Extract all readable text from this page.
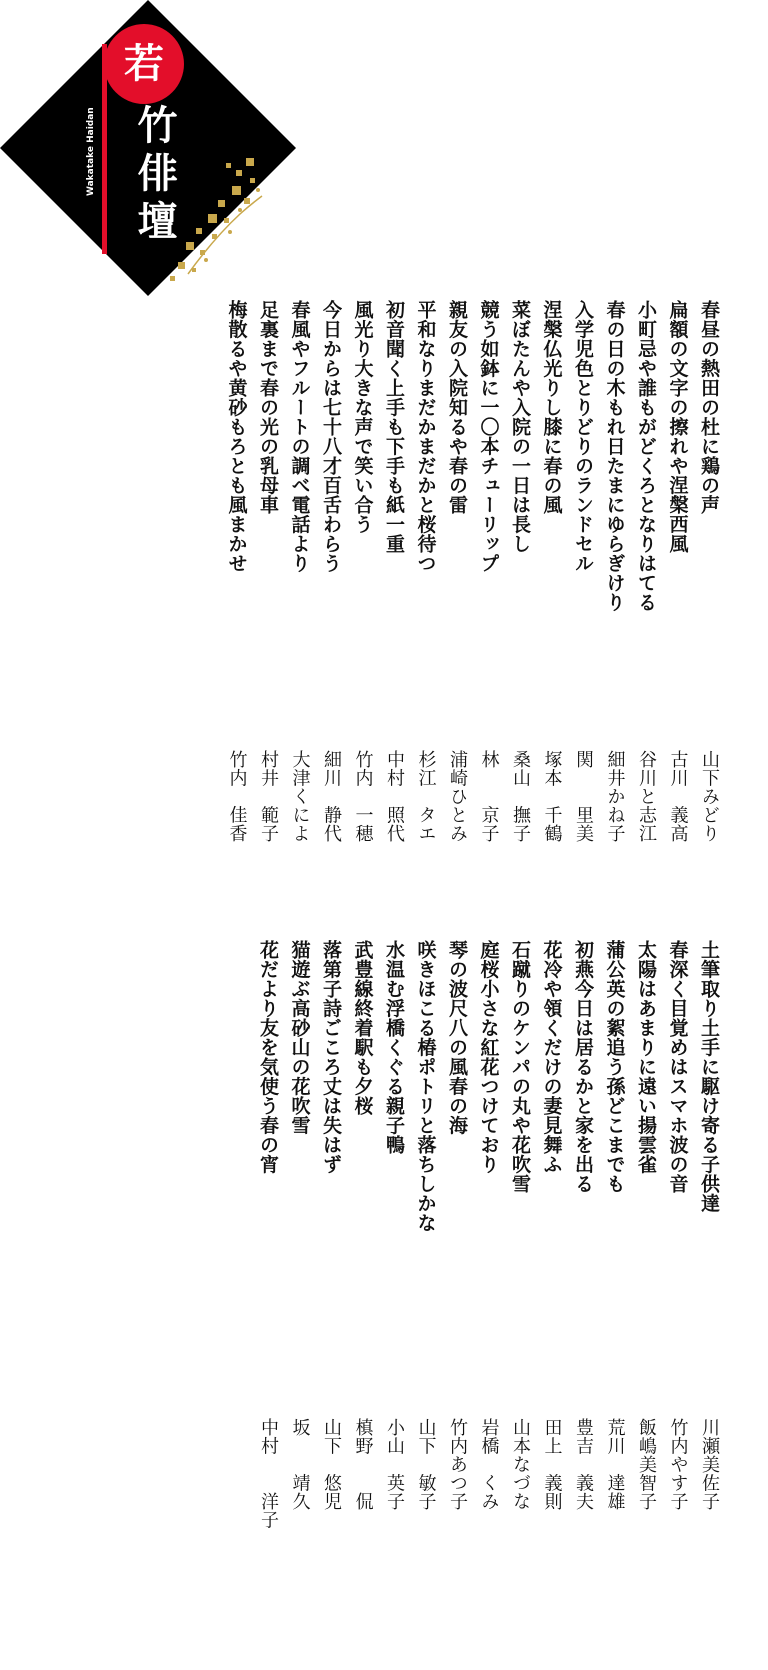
若
竹俳壇
Wakatake Haidan
春昼の熱田の杜に鶏の声
扁額の文字の擦れや涅槃西風
小町忌や誰もがどくろとなりはてる
春の日の木もれ日たまにゆらぎけり
入学児色とりどりのランドセル
涅槃仏光りし膝に春の風
菜ぼたんや入院の一日は長し
競う如鉢に一〇本チューリップ
親友の入院知るや春の雷
平和なりまだかまだかと桜待つ
初音聞く上手も下手も紙一重
風光り大きな声で笑い合う
今日からは七十八才百舌わらう
春風やフルートの調べ電話より
足裏まで春の光の乳母車
梅散るや黄砂もろとも風まかせ
山下みどり
古川　義高
谷川と志江
細井かね子
関　　里美
塚本　千鶴
桑山　撫子
林　　京子
浦崎ひとみ
杉江　タエ
中村　照代
竹内　一穂
細川　静代
大津くによ
村井　範子
竹内　佳香
土筆取り土手に駆け寄る子供達
春深く目覚めはスマホ波の音
太陽はあまりに遠い揚雲雀
蒲公英の絮追う孫どこまでも
初燕今日は居るかと家を出る
花冷や領くだけの妻見舞ふ
石蹴りのケンパの丸や花吹雪
庭桜小さな紅花つけており
琴の波尺八の風春の海
咲きほこる椿ポトリと落ちしかな
水温む浮橋くぐる親子鴨
武豊線終着駅も夕桜
落第子詩ごころ丈は失はず
猫遊ぶ高砂山の花吹雪
花だより友を気使う春の宵
川瀬美佐子
竹内やす子
飯嶋美智子
荒川　達雄
豊吉　義夫
田上　義則
山本なづな
岩橋　くみ
竹内あつ子
山下　敏子
小山　英子
槙野　　侃
山下　悠児
坂　　靖久
中村　　洋子
